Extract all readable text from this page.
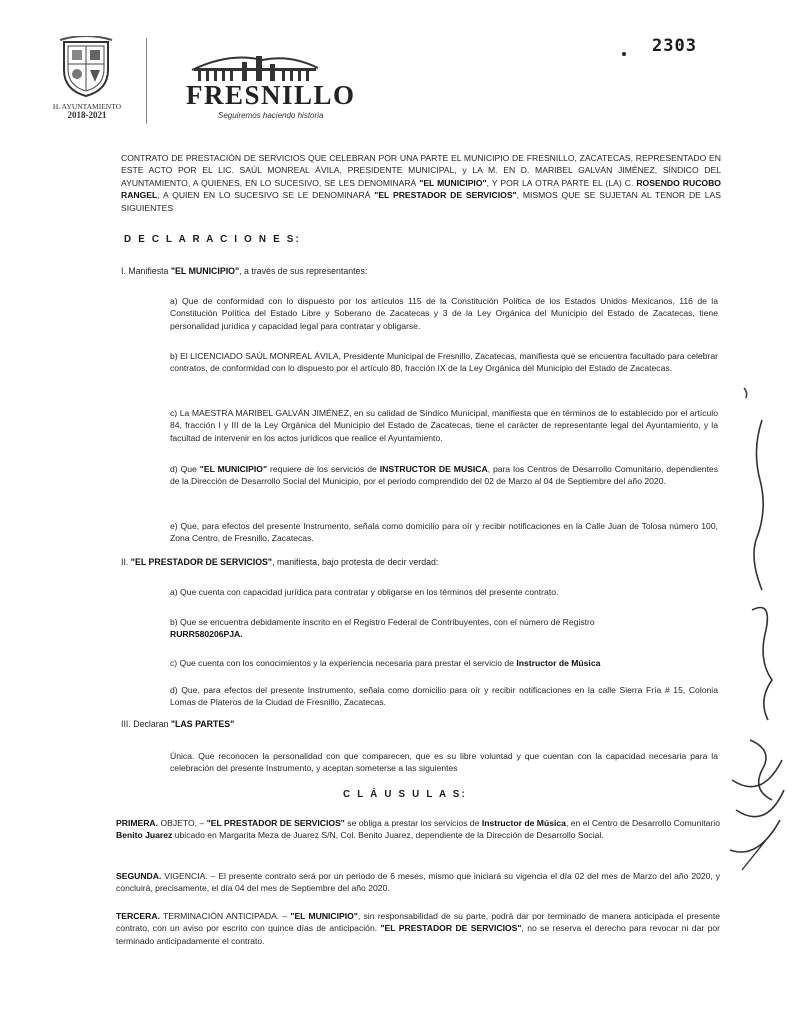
H. AYUNTAMIENTO
2018-2021
FRESNILLO
Seguiremos haciendo historia
2303

CONTRATO DE PRESTACIÓN DE SERVICIOS QUE CELEBRAN POR UNA PARTE EL MUNICIPIO DE FRESNILLO, ZACATECAS, REPRESENTADO EN ESTE ACTO POR EL LIC. SAÚL MONREAL ÁVILA, PRESIDENTE MUNICIPAL, y LA M. EN D. MARIBEL GALVÁN JIMÉNEZ, SÍNDICO DEL AYUNTAMIENTO, A QUIENES, EN LO SUCESIVO, SE LES DENOMINARÁ "EL MUNICIPIO", Y POR LA OTRA PARTE EL (LA) C. ROSENDO RUCOBO RANGEL, A QUIEN EN LO SUCESIVO SE LE DENOMINARÁ "EL PRESTADOR DE SERVICIOS", MISMOS QUE SE SUJETAN AL TENOR DE LAS SIGUIENTES

D E C L A R A C I O N E S:
I. Manifiesta "EL MUNICIPIO", a través de sus representantes:

a) Que de conformidad con lo dispuesto por los artículos 115 de la Constitución Política de los Estados Unidos Mexicanos, 116 de la Constitución Política del Estado Libre y Soberano de Zacatecas y 3 de la Ley Orgánica del Municipio del Estado de Zacatecas, tiene personalidad jurídica y capacidad legal para contratar y obligarse.

b) El LICENCIADO SAÚL MONREAL ÁVILA, Presidente Municipal de Fresnillo, Zacatecas, manifiesta que se encuentra facultado para celebrar contratos, de conformidad con lo dispuesto por el artículo 80, fracción IX de la Ley Orgánica del Municipio del Estado de Zacatecas.

c) La MAESTRA MARIBEL GALVÁN JIMÉNEZ, en su calidad de Síndico Municipal, manifiesta que en términos de lo establecido por el artículo 84, fracción I y III de la Ley Orgánica del Municipio del Estado de Zacatecas, tiene el carácter de representante legal del Ayuntamiento, y la facultad de intervenir en los actos jurídicos que realice el Ayuntamiento.

d) Que "EL MUNICIPIO" requiere de los servicios de INSTRUCTOR DE MUSICA, para los Centros de Desarrollo Comunitario, dependientes de la Dirección de Desarrollo Social del Municipio, por el periodo comprendido del 02 de Marzo al 04 de Septiembre del año 2020.

e) Que, para efectos del presente Instrumento, señala como domicilio para oír y recibir notificaciones en la Calle Juan de Tolosa número 100, Zona Centro, de Fresnillo, Zacatecas.

II. "EL PRESTADOR DE SERVICIOS", manifiesta, bajo protesta de decir verdad:

a) Que cuenta con capacidad jurídica para contratar y obligarse en los términos del presente contrato.

b) Que se encuentra debidamente inscrito en el Registro Federal de Contribuyentes, con el número de Registro
RURR580206PJA.

c) Que cuenta con los conocimientos y la experiencia necesaria para prestar el servicio de Instructor de Música

d) Que, para efectos del presente Instrumento, señala como domicilio para oír y recibir notificaciones en la calle Sierra Fría # 15, Colonia Lomas de Plateros de la Ciudad de Fresnillo, Zacatecas.

III. Declaran "LAS PARTES"

Única. Que reconocen la personalidad con que comparecen, que es su libre voluntad y que cuentan con la capacidad necesaria para la celebración del presente Instrumento, y aceptan someterse a las siguientes

C L Á U S U L A S:

PRIMERA. OBJETO. – "EL PRESTADOR DE SERVICIOS" se obliga a prestar los servicios de Instructor de Música, en el Centro de Desarrollo Comunitario Benito Juarez ubicado en Margarita Meza de Juarez S/N, Col. Benito Juarez, dependiente de la Dirección de Desarrollo Social.

SEGUNDA. VIGENCIA. – El presente contrato será por un periodo de 6 meses, mismo que iniciará su vigencia el día 02 del mes de Marzo del año 2020, y concluirá, precisamente, el día 04 del mes de Septiembre del año 2020.

TERCERA. TERMINACIÓN ANTICIPADA. – "EL MUNICIPIO", sin responsabilidad de su parte, podrá dar por terminado de manera anticipada el presente contrato, con un aviso por escrito con quince días de anticipación. "EL PRESTADOR DE SERVICIOS", no se reserva el derecho para revocar ni dar por terminado anticipadamente el contrato.
